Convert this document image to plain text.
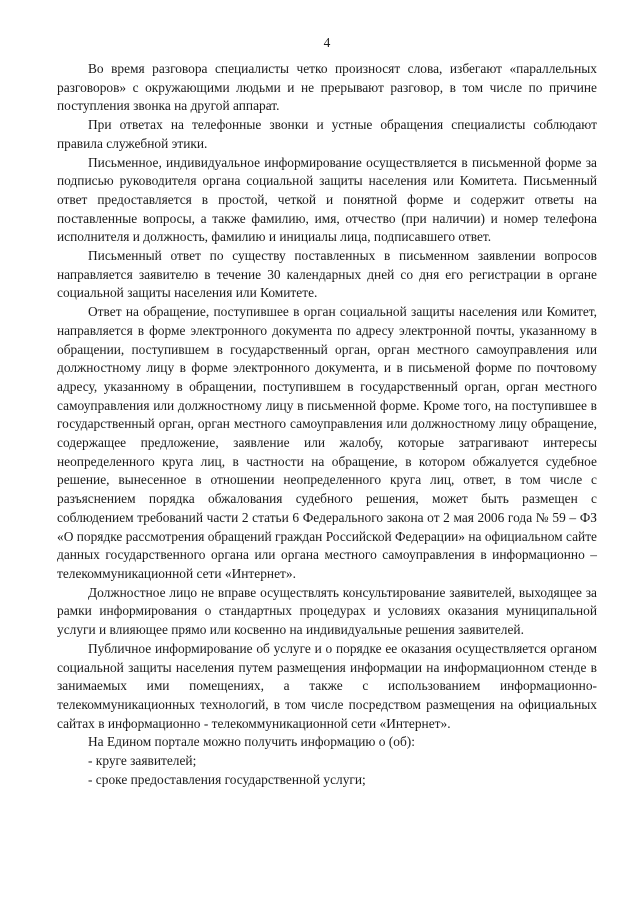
4

Во время разговора специалисты четко произносят слова, избегают «параллельных разговоров» с окружающими людьми и не прерывают разговор, в том числе по причине поступления звонка на другой аппарат.

При ответах на телефонные звонки и устные обращения специалисты соблюдают правила служебной этики.

Письменное, индивидуальное информирование осуществляется в письменной форме за подписью руководителя органа социальной защиты населения или Комитета. Письменный ответ предоставляется в простой, четкой и понятной форме и содержит ответы на поставленные вопросы, а также фамилию, имя, отчество (при наличии) и номер телефона исполнителя и должность, фамилию и инициалы лица, подписавшего ответ.

Письменный ответ по существу поставленных в письменном заявлении вопросов направляется заявителю в течение 30 календарных дней со дня его регистрации в органе социальной защиты населения или Комитете.

Ответ на обращение, поступившее в орган социальной защиты населения или Комитет, направляется в форме электронного документа по адресу электронной почты, указанному в обращении, поступившем в государственный орган, орган местного самоуправления или должностному лицу в форме электронного документа, и в письменой форме по почтовому адресу, указанному в обращении, поступившем в государственный орган, орган местного самоуправления или должностному лицу в письменной форме. Кроме того, на поступившее в государственный орган, орган местного самоуправления или должностному лицу обращение, содержащее предложение, заявление или жалобу, которые затрагивают интересы неопределенного круга лиц, в частности на обращение, в котором обжалуется судебное решение, вынесенное в отношении неопределенного круга лиц, ответ, в том числе с разъяснением порядка обжалования судебного решения, может быть размещен с соблюдением требований части 2 статьи 6 Федерального закона от 2 мая 2006 года № 59 – ФЗ «О порядке рассмотрения обращений граждан Российской Федерации» на официальном сайте данных государственного органа или органа местного самоуправления в информационно – телекоммуникационной сети «Интернет».

Должностное лицо не вправе осуществлять консультирование заявителей, выходящее за рамки информирования о стандартных процедурах и условиях оказания муниципальной услуги и влияющее прямо или косвенно на индивидуальные решения заявителей.

Публичное информирование об услуге и о порядке ее оказания осуществляется органом социальной защиты населения путем размещения информации на информационном стенде в занимаемых ими помещениях, а также с использованием информационно-телекоммуникационных технологий, в том числе посредством размещения на официальных сайтах в информационно - телекоммуникационной сети «Интернет».

На Едином портале можно получить информацию о (об):

- круге заявителей;

- сроке предоставления государственной услуги;
